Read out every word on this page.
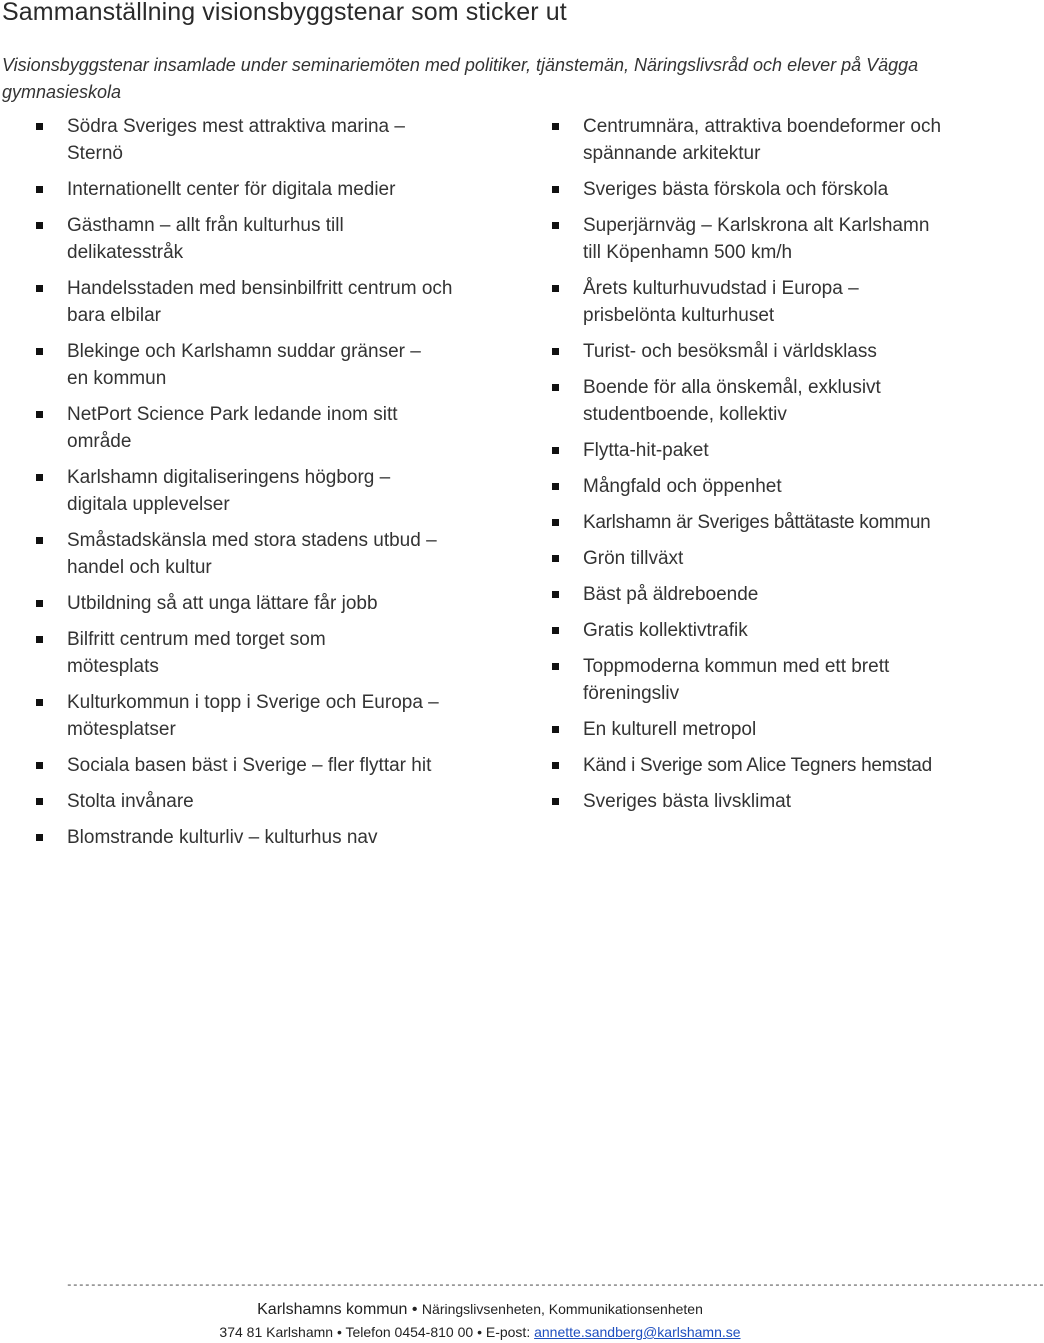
Sammanställning visionsbyggstenar som sticker ut

Visionsbyggstenar insamlade under seminariemöten med politiker, tjänstemän, Näringslivsråd och elever på Vägga gymnasieskola

Södra Sveriges mest attraktiva marina – Sternö
Internationellt center för digitala medier
Gästhamn – allt från kulturhus till delikatesstråk
Handelsstaden med bensinbilfritt centrum och bara elbilar
Blekinge och Karlshamn suddar gränser – en kommun
NetPort Science Park ledande inom sitt område
Karlshamn digitaliseringens högborg – digitala upplevelser
Småstadskänsla med stora stadens utbud – handel och kultur
Utbildning så att unga lättare får jobb
Bilfritt centrum med torget som mötesplats
Kulturkommun i topp i Sverige och Europa – mötesplatser
Sociala basen bäst i Sverige – fler flyttar hit
Stolta invånare
Blomstrande kulturliv – kulturhus nav
Centrumnära, attraktiva boendeformer och spännande arkitektur
Sveriges bästa förskola och förskola
Superjärnväg – Karlskrona alt Karlshamn till Köpenhamn 500 km/h
Årets kulturhuvudstad i Europa – prisbelönta kulturhuset
Turist- och besöksmål i världsklass
Boende för alla önskemål, exklusivt studentboende, kollektiv
Flytta-hit-paket
Mångfald och öppenhet
Karlshamn är Sveriges båttätaste kommun
Grön tillväxt
Bäst på äldreboende
Gratis kollektivtrafik
Toppmoderna kommun med ett brett föreningsliv
En kulturell metropol
Känd i Sverige som Alice Tegners hemstad
Sveriges bästa livsklimat
-------------------------------------------------------------------------------------------------------------------------------------------------------------------
Karlshamns kommun • Näringslivsenheten, Kommunikationsenheten
374 81 Karlshamn • Telefon 0454-810 00 • E-post: annette.sandberg@karlshamn.se
